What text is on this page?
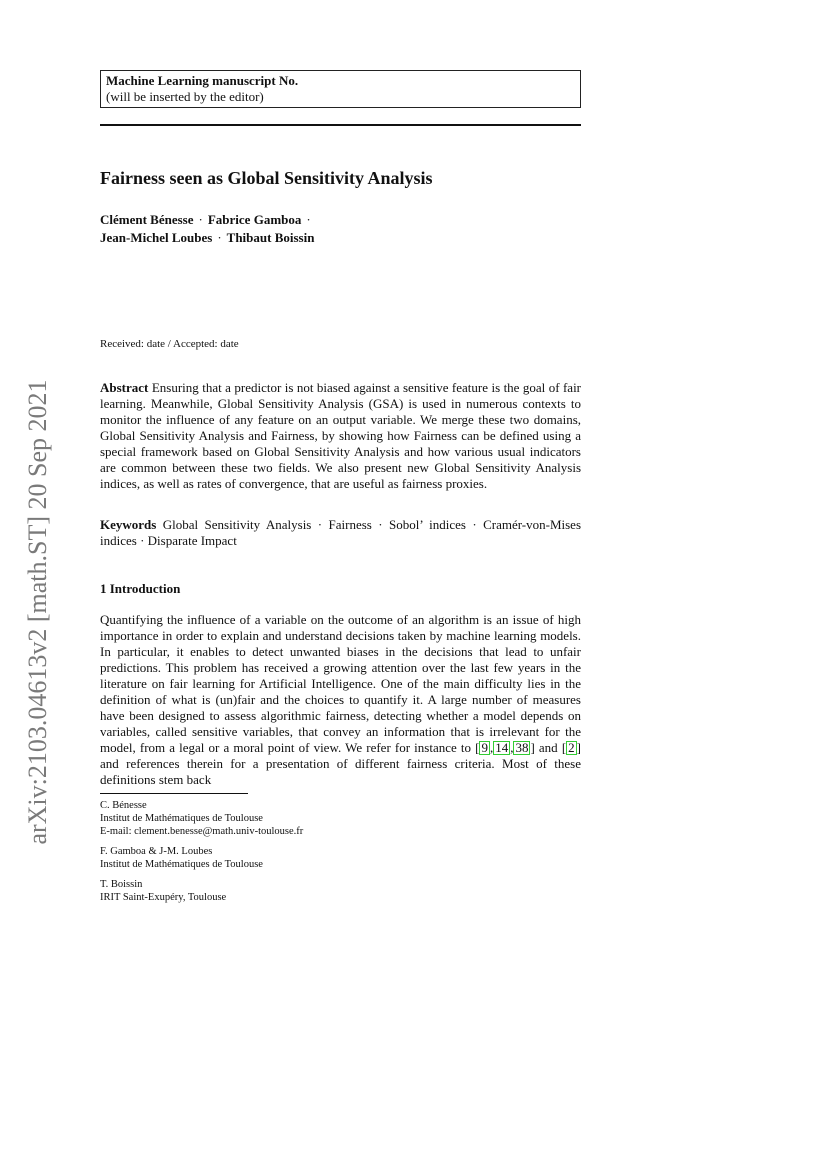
arXiv:2103.04613v2 [math.ST] 20 Sep 2021
Machine Learning manuscript No.
(will be inserted by the editor)
Fairness seen as Global Sensitivity Analysis
Clément Bénesse · Fabrice Gamboa ·
Jean-Michel Loubes · Thibaut Boissin
Received: date / Accepted: date
Abstract Ensuring that a predictor is not biased against a sensitive feature is the goal of fair learning. Meanwhile, Global Sensitivity Analysis (GSA) is used in numerous contexts to monitor the influence of any feature on an output variable. We merge these two domains, Global Sensitivity Analysis and Fairness, by showing how Fairness can be defined using a special framework based on Global Sensitivity Analysis and how various usual indicators are common between these two fields. We also present new Global Sensitivity Analysis indices, as well as rates of convergence, that are useful as fairness proxies.
Keywords Global Sensitivity Analysis · Fairness · Sobol’ indices · Cramér-von-Mises indices · Disparate Impact
1 Introduction
Quantifying the influence of a variable on the outcome of an algorithm is an issue of high importance in order to explain and understand decisions taken by machine learning models. In particular, it enables to detect unwanted biases in the decisions that lead to unfair predictions. This problem has received a growing attention over the last few years in the literature on fair learning for Artificial Intelligence. One of the main difficulty lies in the definition of what is (un)fair and the choices to quantify it. A large number of measures have been designed to assess algorithmic fairness, detecting whether a model depends on variables, called sensitive variables, that convey an information that is irrelevant for the model, from a legal or a moral point of view. We refer for instance to [ 9 , 14 , 38 ] and [ 2 ] and references therein for a presentation of different fairness criteria. Most of these definitions stem back
C. Bénesse
Institut de Mathématiques de Toulouse
E-mail: clement.benesse@math.univ-toulouse.fr
F. Gamboa & J-M. Loubes
Institut de Mathématiques de Toulouse
T. Boissin
IRIT Saint-Exupéry, Toulouse
